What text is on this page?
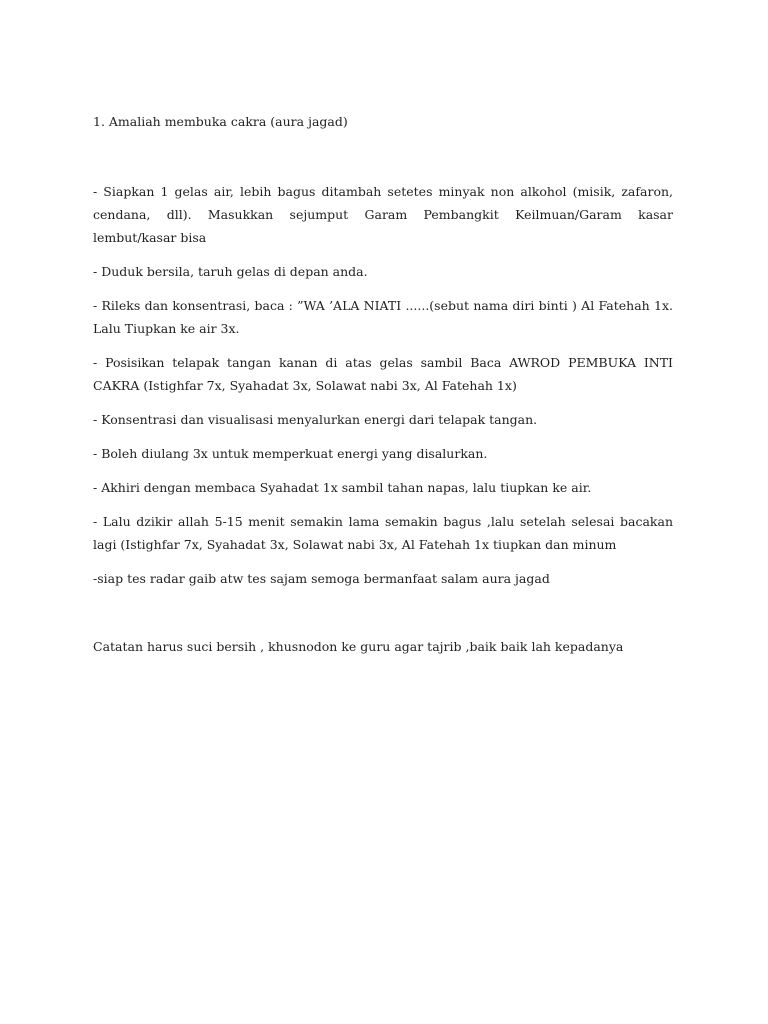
1. Amaliah membuka cakra (aura jagad)

- Siapkan 1 gelas air, lebih bagus ditambah setetes minyak non alkohol (misik, zafaron, cendana, dll). Masukkan sejumput Garam Pembangkit Keilmuan/Garam kasar lembut/kasar bisa

- Duduk bersila, taruh gelas di depan anda.

- Rileks dan konsentrasi, baca : ”WA ’ALA NIATI ......(sebut nama diri binti ) Al Fatehah 1x. Lalu Tiupkan ke air 3x.

- Posisikan telapak tangan kanan di atas gelas sambil Baca AWROD PEMBUKA INTI CAKRA (Istighfar 7x, Syahadat 3x, Solawat nabi 3x, Al Fatehah 1x)

- Konsentrasi dan visualisasi menyalurkan energi dari telapak tangan.

- Boleh diulang 3x untuk memperkuat energi yang disalurkan.

- Akhiri dengan membaca Syahadat 1x sambil tahan napas, lalu tiupkan ke air.

- Lalu dzikir allah 5-15 menit semakin lama semakin bagus ,lalu setelah selesai bacakan lagi (Istighfar 7x, Syahadat 3x, Solawat nabi 3x, Al Fatehah 1x tiupkan dan minum

-siap tes radar gaib atw tes sajam semoga bermanfaat salam aura jagad

Catatan harus suci bersih , khusnodon ke guru agar tajrib ,baik baik lah kepadanya
